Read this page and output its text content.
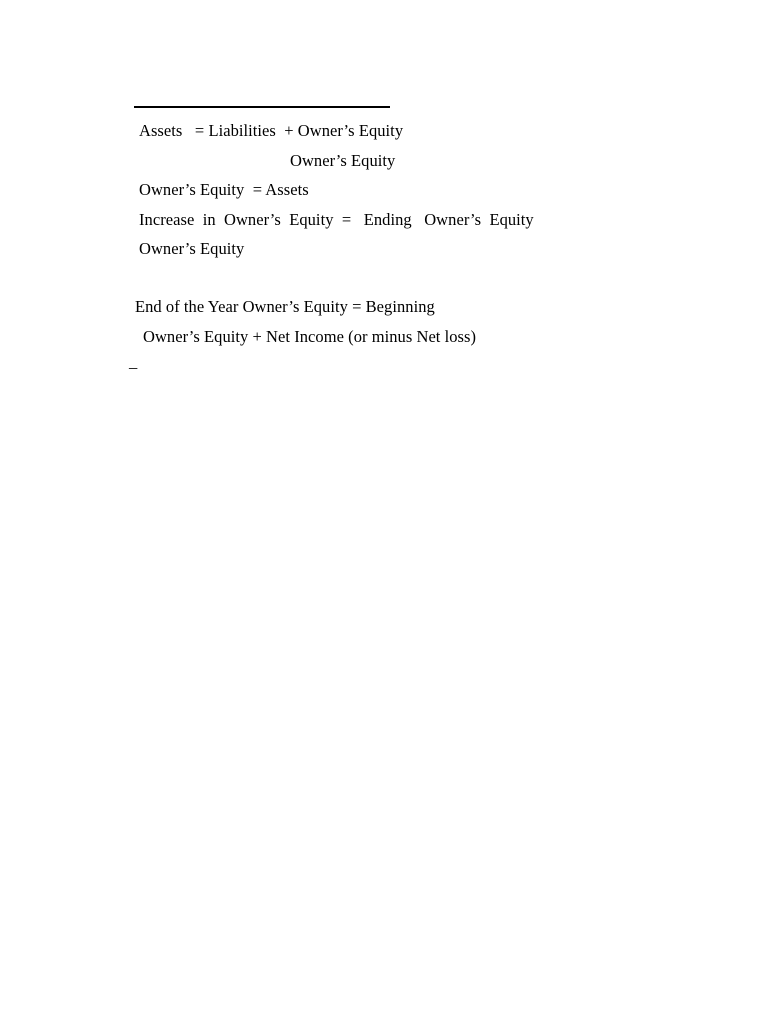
Assets   = Liabilities  + Owner’s Equity
Owner’s Equity
Owner’s Equity  = Assets
Increase  in  Owner’s  Equity  =   Ending   Owner’s  Equity
Owner’s Equity
End of the Year Owner’s Equity = Beginning
Owner’s Equity + Net Income (or minus Net loss)
_
